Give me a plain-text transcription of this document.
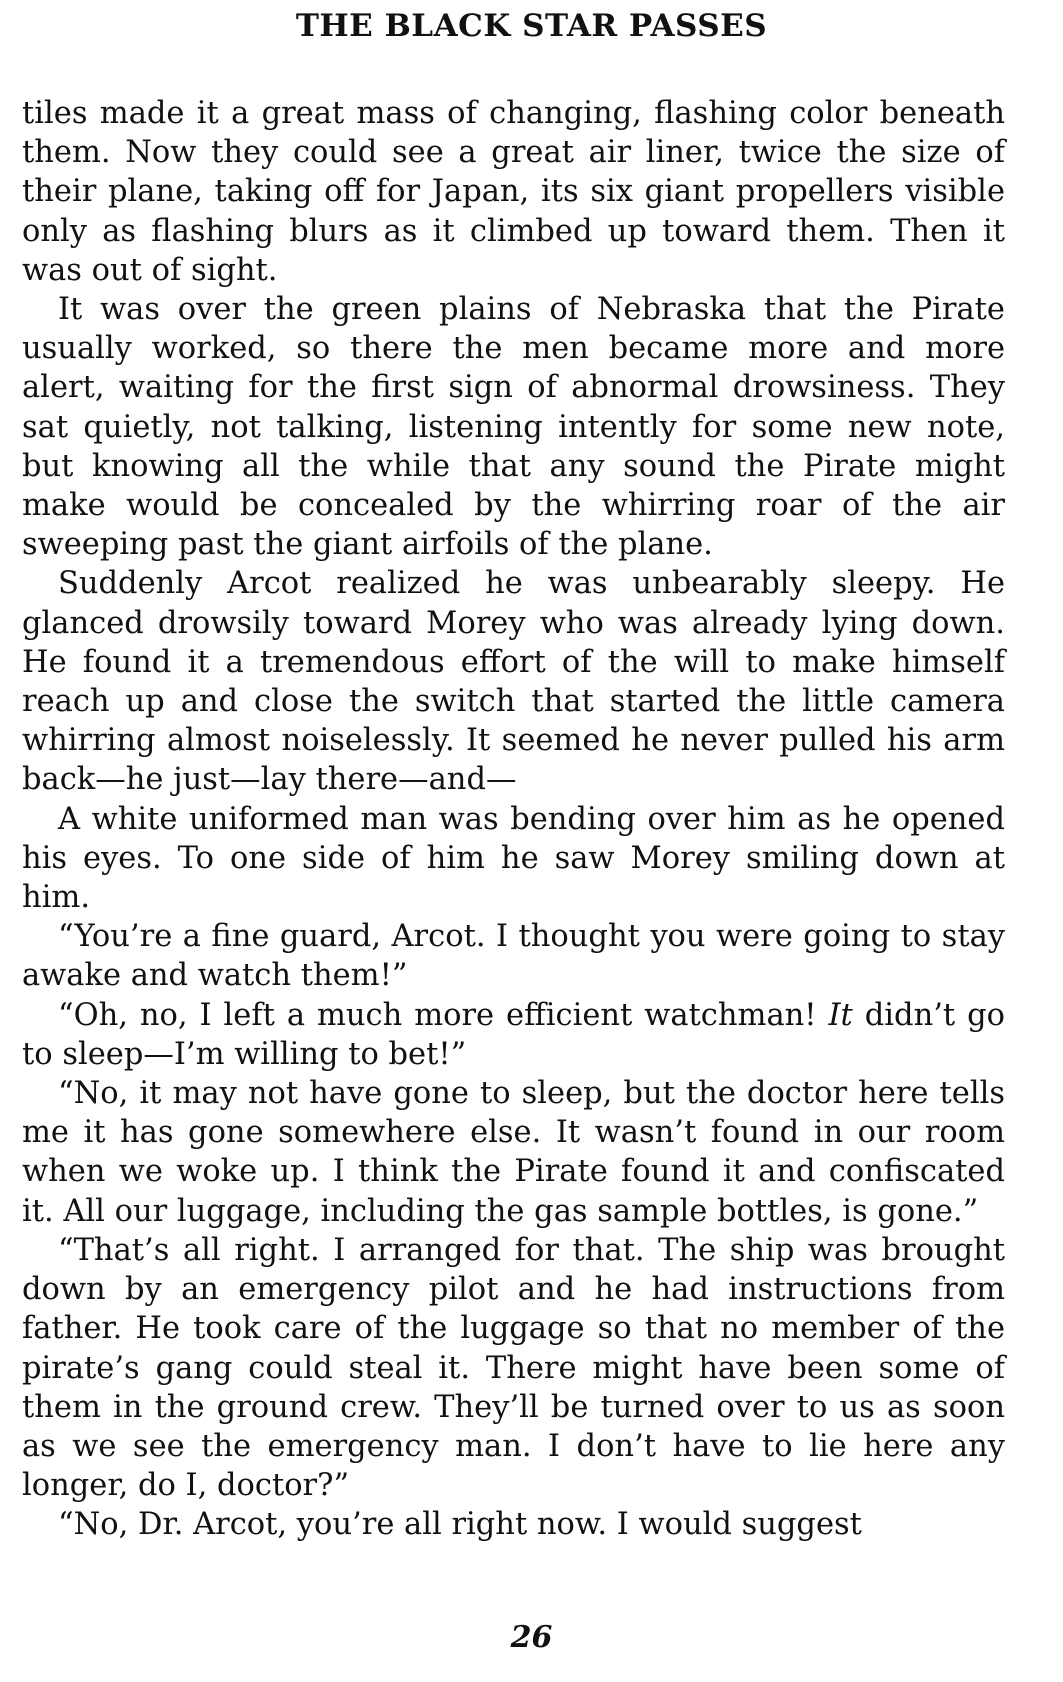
THE BLACK STAR PASSES

tiles made it a great mass of changing, flashing color beneath them. Now they could see a great air liner, twice the size of their plane, taking off for Japan, its six giant propellers visible only as flashing blurs as it climbed up toward them. Then it was out of sight.

It was over the green plains of Nebraska that the Pirate usually worked, so there the men became more and more alert, waiting for the first sign of abnormal drowsiness. They sat quietly, not talking, listening intently for some new note, but knowing all the while that any sound the Pirate might make would be concealed by the whirring roar of the air sweeping past the giant airfoils of the plane.

Suddenly Arcot realized he was unbearably sleepy. He glanced drowsily toward Morey who was already lying down. He found it a tremendous effort of the will to make himself reach up and close the switch that started the little camera whirring almost noiselessly. It seemed he never pulled his arm back—he just—lay there—and—

A white uniformed man was bending over him as he opened his eyes. To one side of him he saw Morey smiling down at him.

“You’re a fine guard, Arcot. I thought you were going to stay awake and watch them!”

“Oh, no, I left a much more efficient watchman! It didn’t go to sleep—I’m willing to bet!”

“No, it may not have gone to sleep, but the doctor here tells me it has gone somewhere else. It wasn’t found in our room when we woke up. I think the Pirate found it and confiscated it. All our luggage, including the gas sample bottles, is gone.”

“That’s all right. I arranged for that. The ship was brought down by an emergency pilot and he had instructions from father. He took care of the luggage so that no member of the pirate’s gang could steal it. There might have been some of them in the ground crew. They’ll be turned over to us as soon as we see the emergency man. I don’t have to lie here any longer, do I, doctor?”

“No, Dr. Arcot, you’re all right now. I would suggest

26
